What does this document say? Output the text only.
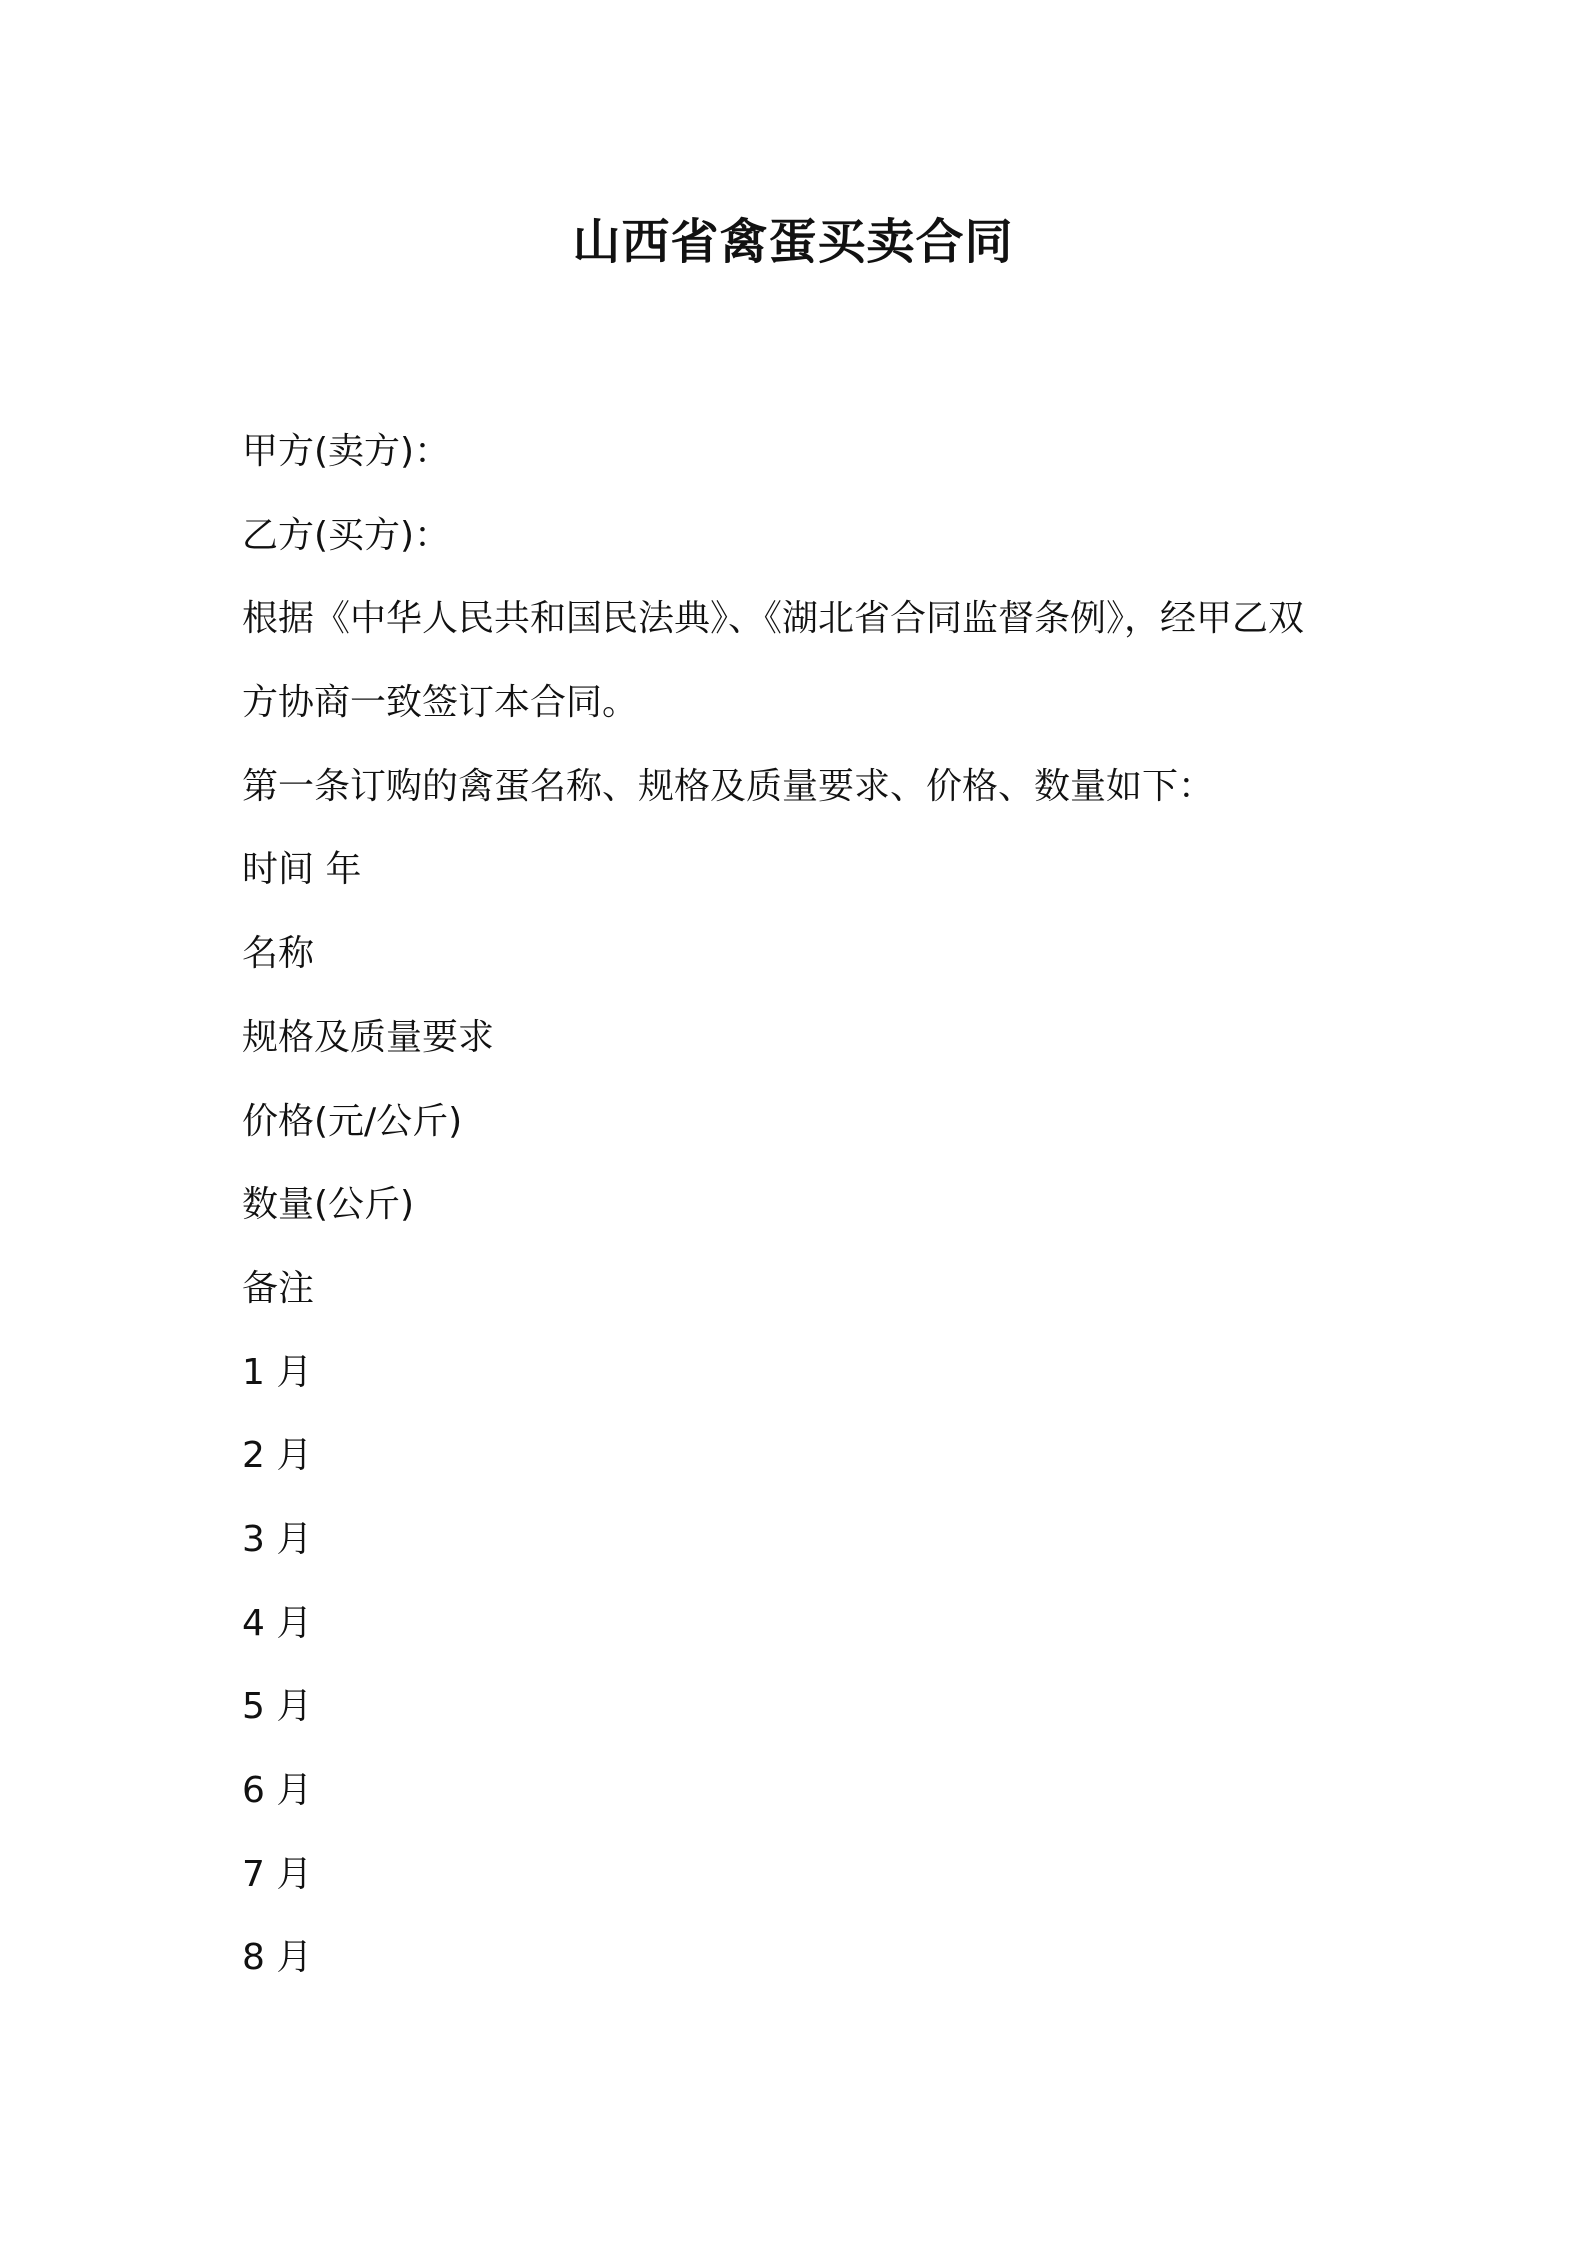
山西省禽蛋买卖合同
甲方(卖方)：
乙方(买方)：
根据《中华人民共和国民法典》、《湖北省合同监督条例》，经甲乙双
方协商一致签订本合同。
第一条订购的禽蛋名称、规格及质量要求、价格、数量如下：
时间 年
名称
规格及质量要求
价格(元/公斤)
数量(公斤)
备注
1 月
2 月
3 月
4 月
5 月
6 月
7 月
8 月
